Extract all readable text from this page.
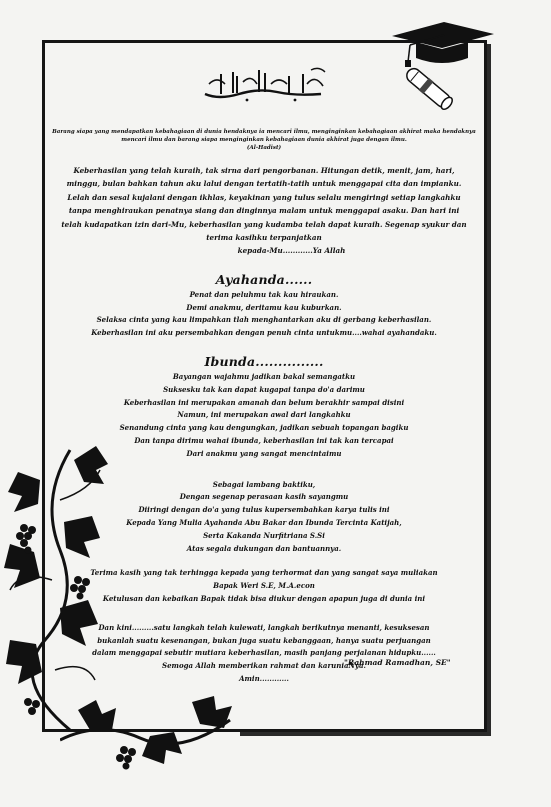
Barang siapa yang mendapatkan kebahagiaan di dunia hendaknya ia mencari ilmu, menginginkan kebahagiaan akhirat maka hendaknya mencari ilmu dan barang siapa menginginkan kebahagiaan dunia akhirat juga dengan ilmu.
(Al-Hadist)
Keberhasilan yang telah kuraih, tak sirna dari pengorbanan. Hitungan detik, menit, jam, hari, minggu, bulan bahkan tahun aku lalui dengan tertatih-tatih untuk menggapai cita dan impianku. Lelah dan sesal kujalani dengan ikhlas, keyakinan yang tulus selalu mengiringi setiap langkahku tanpa menghiraukan penatnya siang dan dinginnya malam untuk menggapai asaku. Dan hari ini telah kudapatkan izin dari-Mu, keberhasilan yang kudamba telah dapat kuraih. Segenap syukur dan terima kasihku terpanjatkan
kepada-Mu............Ya Allah
Ayahanda......
Penat dan peluhmu tak kau hiraukan.
Demi anakmu, deritamu kau kuburkan.
Selaksa cinta yang kau limpahkan tlah menghantarkan aku di gerbang keberhasilan.
Keberhasilan ini aku persembahkan dengan penuh cinta untukmu....wahai ayahandaku.
Ibunda...............
Bayangan wajahmu jadikan bakal semangatku
Suksesku tak kan dapat kugapai tanpa do'a darimu
Keberhasilan ini merupakan amanah dan belum berakhir sampai disini
Namun, ini merupakan awal dari langkahku
Senandung cinta yang kau dengungkan, jadikan sebuah topangan bagiku
Dan tanpa dirimu wahai ibunda, keberhasilan ini tak kan tercapai
Dari anakmu yang sangat mencintaimu
Sebagai lambang baktiku,
Dengan segenap perasaan kasih sayangmu
Diiringi dengan do'a yang tulus kupersembahkan karya tulis ini
Kepada Yang Mulia Ayahanda Abu Bakar dan Ibunda Tercinta Katijah,
Serta Kakanda Nurfitriana S.Si
Atas segala dukungan dan bantuannya.
Terima kasih yang tak terhingga kepada yang terhormat dan yang sangat saya muliakan
Bapak Weri S.E, M.A.econ
Ketulusan dan kebaikan Bapak tidak bisa diukur dengan apapun juga di dunia ini
Dan kini.........satu langkah telah kulewati, langkah berikutnya menanti, kesuksesan
bukanlah suatu kesenangan, bukan juga suatu kebanggaan, hanya suatu perjuangan
dalam menggapai sebutir mutiara keberhasilan, masih panjang perjalanan hidupku......
Semoga Allah memberikan rahmat dan karuniaNya.
Amin............
"Rahmad Ramadhan, SE"
